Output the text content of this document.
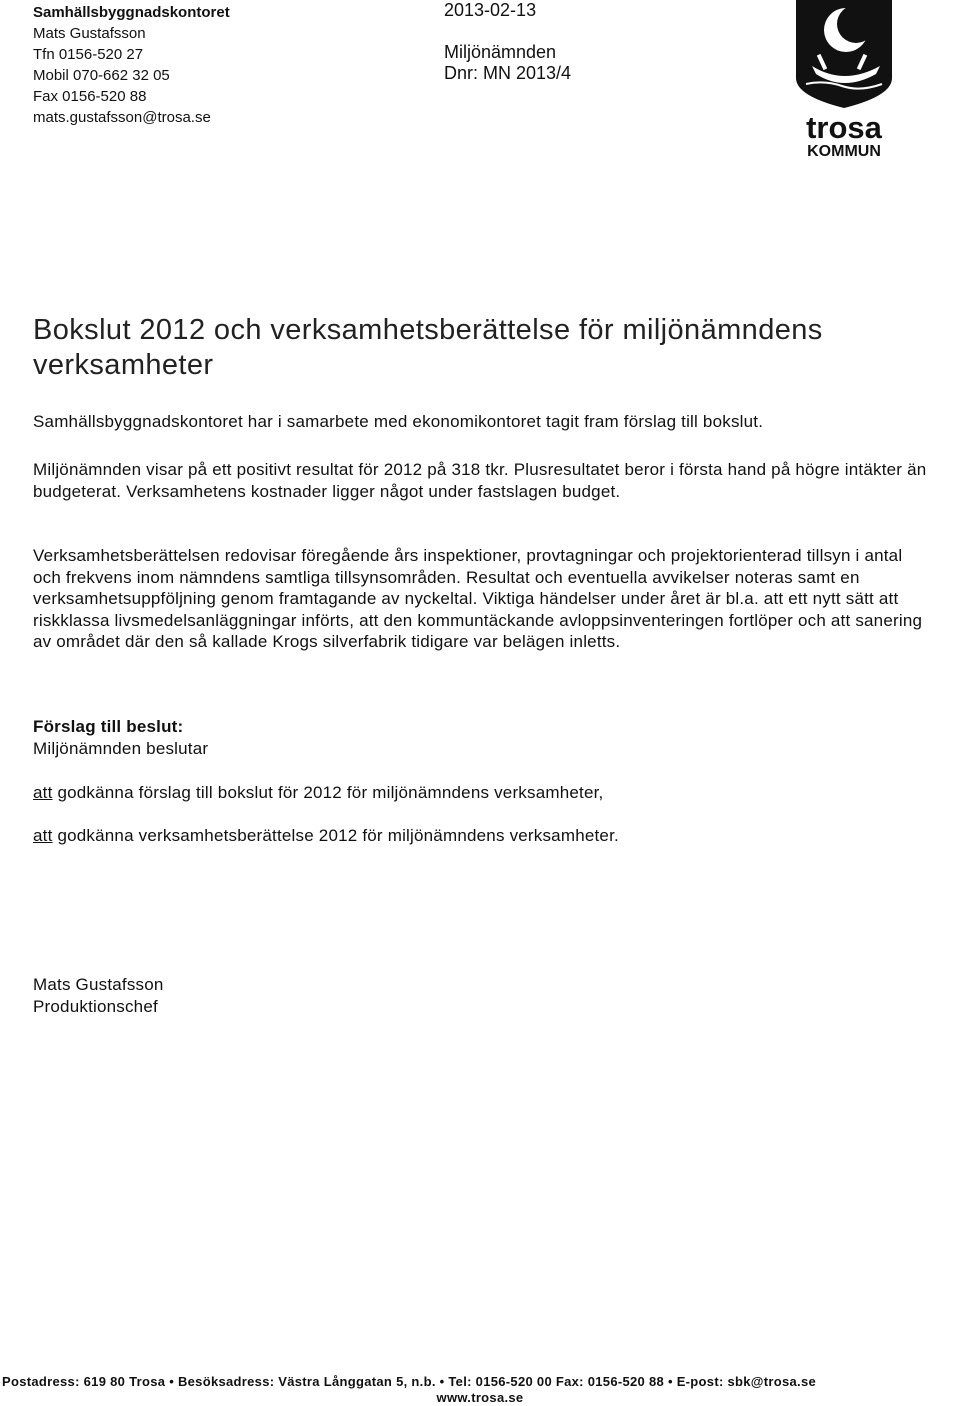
Samhällsbyggnadskontoret
Mats Gustafsson
Tfn 0156-520 27
Mobil 070-662 32 05
Fax 0156-520 88
mats.gustafsson@trosa.se
2013-02-13
Miljönämnden
Dnr: MN 2013/4
trosa
KOMMUN
Bokslut 2012 och verksamhetsberättelse för miljönämndens verksamheter
Samhällsbyggnadskontoret har i samarbete med ekonomikontoret tagit fram förslag till bokslut.
Miljönämnden visar på ett positivt resultat för 2012 på 318 tkr. Plusresultatet beror i första hand på högre intäkter än budgeterat. Verksamhetens kostnader ligger något under fastslagen budget.
Verksamhetsberättelsen redovisar föregående års inspektioner, provtagningar och projektorienterad tillsyn i antal och frekvens inom nämndens samtliga tillsynsområden. Resultat och eventuella avvikelser noteras samt en verksamhetsuppföljning genom framtagande av nyckeltal. Viktiga händelser under året är bl.a. att ett nytt sätt att riskklassa livsmedelsanläggningar införts, att den kommuntäckande avloppsinventeringen fortlöper och att sanering av området där den så kallade Krogs silverfabrik tidigare var belägen inletts.
Förslag till beslut:
Miljönämnden beslutar
att godkänna förslag till bokslut för 2012 för miljönämndens verksamheter,
att godkänna verksamhetsberättelse 2012 för miljönämndens verksamheter.
Mats Gustafsson
Produktionschef
Postadress: 619 80 Trosa • Besöksadress: Västra Långgatan 5, n.b. • Tel: 0156-520 00 Fax: 0156-520 88 • E-post: sbk@trosa.se
www.trosa.se
